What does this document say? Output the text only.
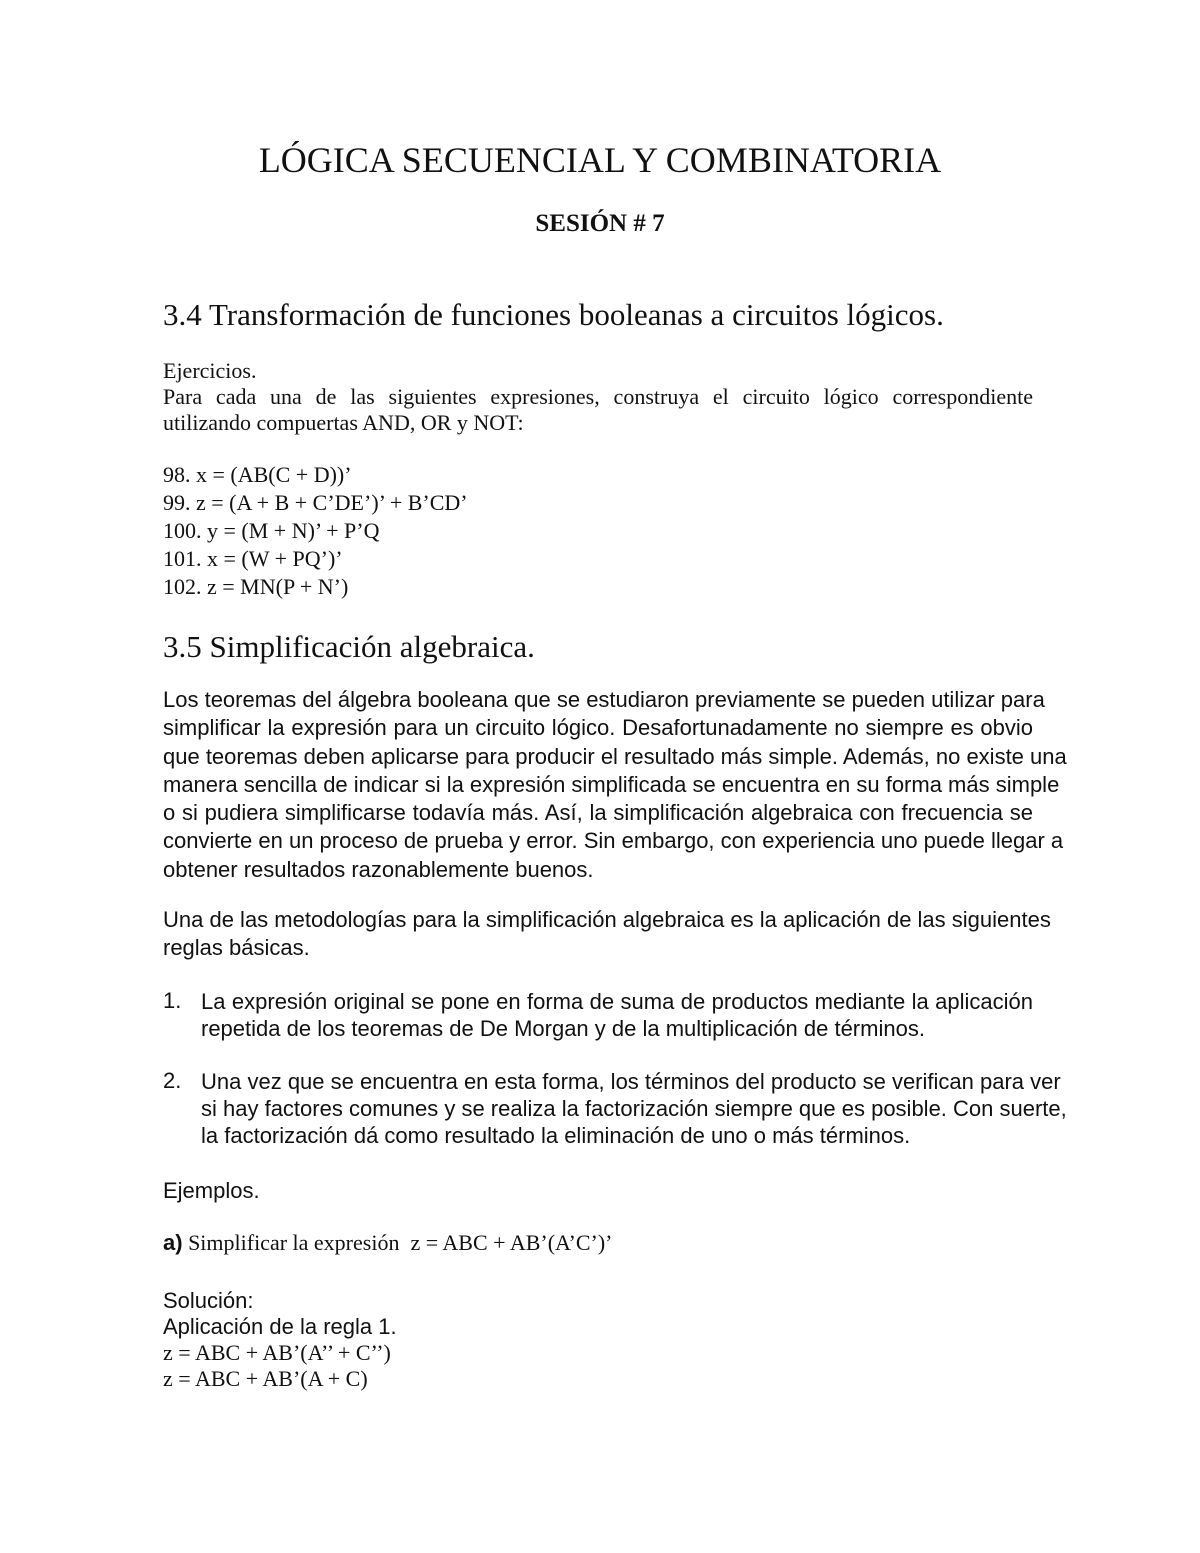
LÓGICA SECUENCIAL Y COMBINATORIA
SESIÓN # 7
3.4 Transformación de funciones booleanas a circuitos lógicos.
Ejercicios.
Para cada una de las siguientes expresiones, construya el circuito lógico correspondiente
utilizando compuertas AND, OR y NOT:
98. x = (AB(C + D))’
99. z = (A + B + C’DE’)’ + B’CD’
100. y = (M + N)’ + P’Q
101. x = (W + PQ’)’
102. z = MN(P + N’)
3.5 Simplificación algebraica.
Los teoremas del álgebra booleana que se estudiaron previamente se pueden utilizar para
simplificar la expresión para un circuito lógico. Desafortunadamente no siempre es obvio
que teoremas deben aplicarse para producir el resultado más simple. Además, no existe una
manera sencilla de indicar si la expresión simplificada se encuentra en su forma más simple
o si pudiera simplificarse todavía más. Así, la simplificación algebraica con frecuencia se
convierte en un proceso de prueba y error. Sin embargo, con experiencia uno puede llegar a
obtener resultados razonablemente buenos.
Una de las metodologías para la simplificación algebraica es la aplicación de las siguientes
reglas básicas.
1. La expresión original se pone en forma de suma de productos mediante la aplicación
repetida de los teoremas de De Morgan y de la multiplicación de términos.
2. Una vez que se encuentra en esta forma, los términos del producto se verifican para ver
si hay factores comunes y se realiza la factorización siempre que es posible. Con suerte,
la factorización dá como resultado la eliminación de uno o más términos.
Ejemplos.
a) Simplificar la expresión  z = ABC + AB’(A’C’)’
Solución:
Aplicación de la regla 1.
z = ABC + AB’(A’’ + C’’)
z = ABC + AB’(A + C)
